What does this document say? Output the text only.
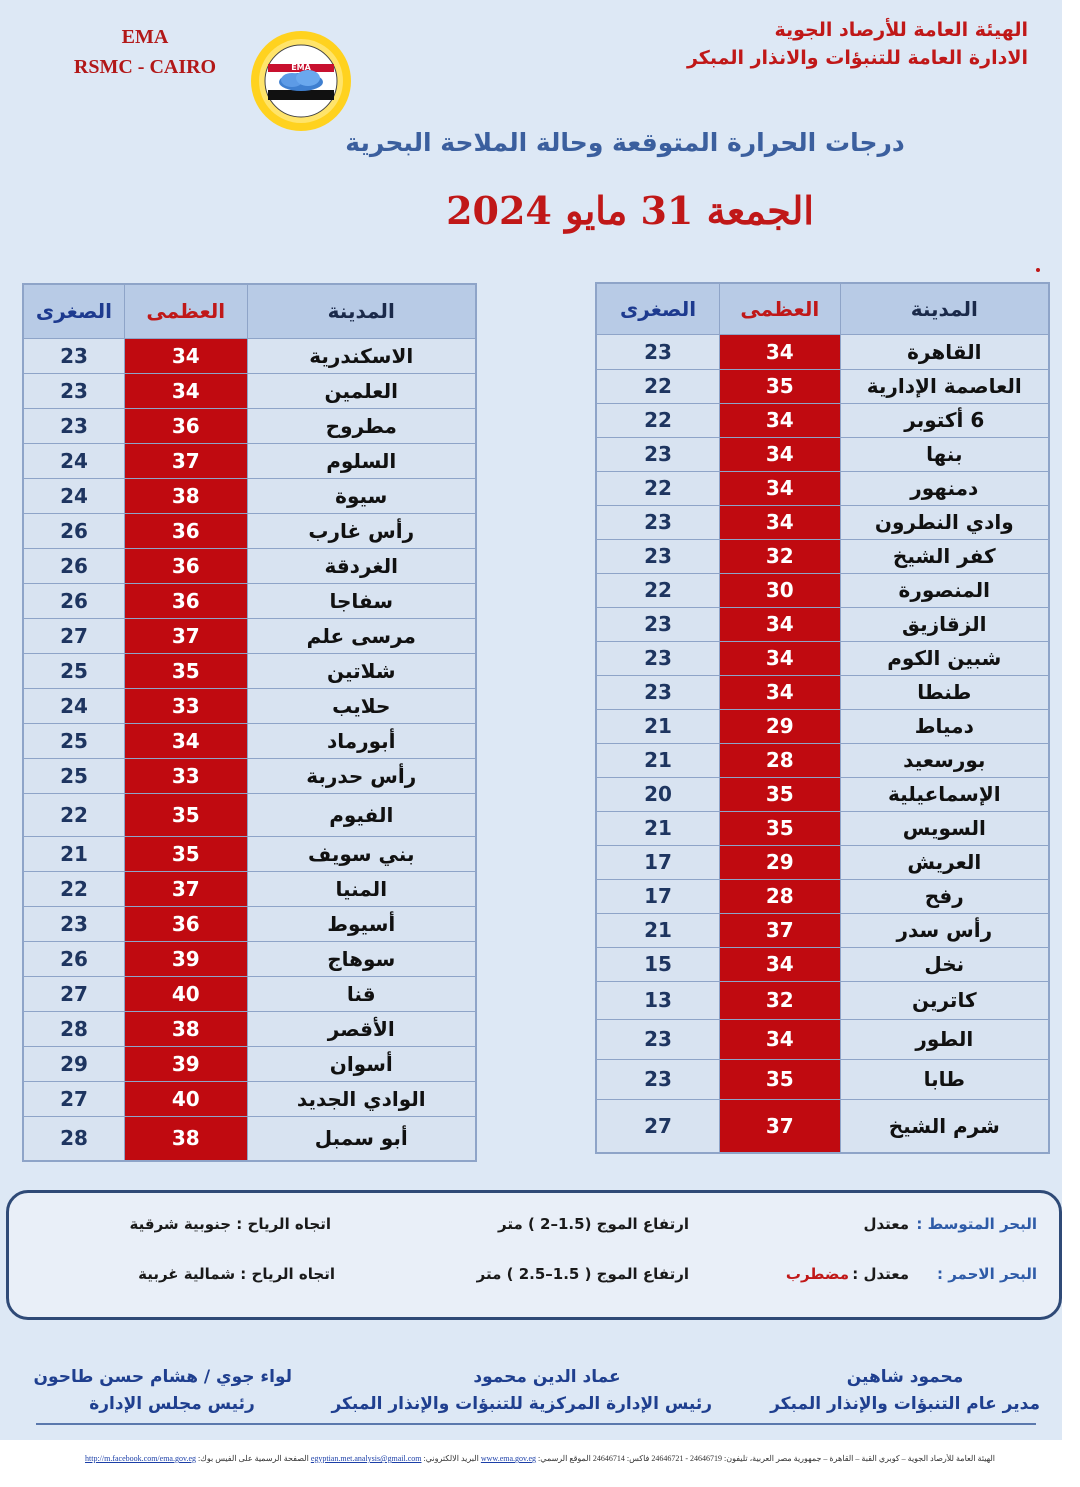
EMA
RSMC - CAIRO	EMA
الهيئة العامة للأرصاد الجوية
الادارة العامة للتنبؤات والانذار المبكر
درجات الحرارة المتوقعة وحالة الملاحة البحرية
الجمعة 31 مايو 2024
المدينة	العظمى	الصغرى
الاسكندرية	34	23
العلمين	34	23
مطروح	36	23
السلوم	37	24
سيوة	38	24
رأس غارب	36	26
الغردقة	36	26
سفاجا	36	26
مرسى علم	37	27
شلاتين	35	25
حلايب	33	24
أبورماد	34	25
رأس حدربة	33	25
الفيوم	35	22
بني سويف	35	21
المنيا	37	22
أسيوط	36	23
سوهاج	39	26
قنا	40	27
الأقصر	38	28
أسوان	39	29
الوادي الجديد	40	27
أبو سمبل	38	28
المدينة	العظمى	الصغرى
القاهرة	34	23
العاصمة الإدارية	35	22
6 أكتوبر	34	22
بنها	34	23
دمنهور	34	22
وادي النطرون	34	23
كفر الشيخ	32	23
المنصورة	30	22
الزقازيق	34	23
شبين الكوم	34	23
طنطا	34	23
دمياط	29	21
بورسعيد	28	21
الإسماعيلية	35	20
السويس	35	21
العريش	29	17
رفح	28	17
رأس سدر	37	21
نخل	34	15
كاترين	32	13
الطور	34	23
طابا	35	23
شرم الشيخ	37	27
البحر المتوسط :
معتدل
ارتفاع الموج (1.5–2 ) متر
اتجاه الرياح : جنوبية شرقية
البحر الاحمر :
معتدل :
مضطرب
ارتفاع الموج ( 1.5–2.5 ) متر
اتجاه الرياح : شمالية غربية
محمود شاهين
مدير عام التنبؤات والإنذار المبكر
عماد الدين محمود
رئيس الإدارة المركزية للتنبؤات والإنذار المبكر
لواء جوي / هشام حسن طاحون
رئيس مجلس الإدارة
الهيئة العامة للأرصاد الجوية – كوبري القبة – القاهرة – جمهورية مصر العربية، تليفون: 24646719 - 24646721 فاكس: 24646714 الموقع الرسمي: www.ema.gov.eg البريد الالكتروني: egyptian.met.analysis@gmail.com الصفحة الرسمية على الفيس بوك: http://m.facebook.com/ema.gov.eg
